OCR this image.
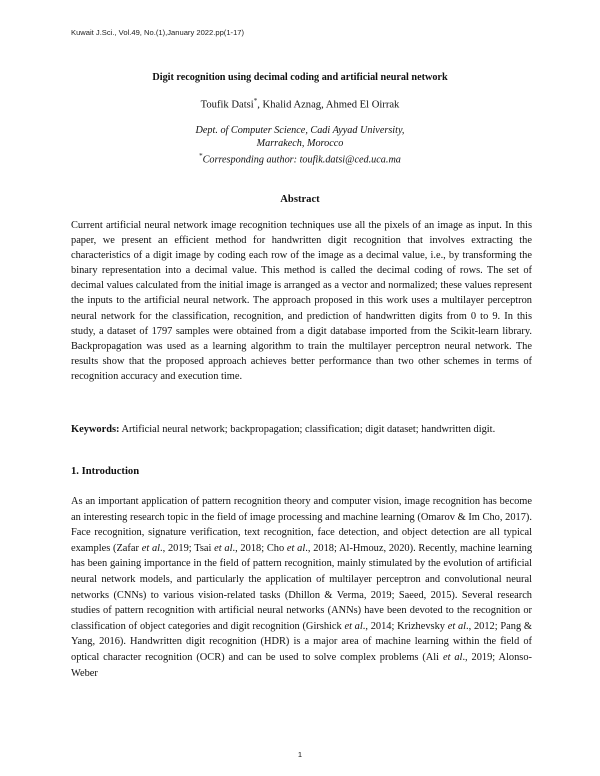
Kuwait J.Sci., Vol.49, No.(1),January 2022.pp(1-17)
Digit recognition using decimal coding and artificial neural network
Toufik Datsi*, Khalid Aznag, Ahmed El Oirrak
Dept. of Computer Science, Cadi Ayyad University,
Marrakech, Morocco
*Corresponding author: toufik.datsi@ced.uca.ma
Abstract

Current artificial neural network image recognition techniques use all the pixels of an image as input. In this paper, we present an efficient method for handwritten digit recognition that involves extracting the characteristics of a digit image by coding each row of the image as a decimal value, i.e., by transforming the binary representation into a decimal value. This method is called the decimal coding of rows. The set of decimal values calculated from the initial image is arranged as a vector and normalized; these values represent the inputs to the artificial neural network. The approach proposed in this work uses a multilayer perceptron neural network for the classification, recognition, and prediction of handwritten digits from 0 to 9. In this study, a dataset of 1797 samples were obtained from a digit database imported from the Scikit-learn library. Backpropagation was used as a learning algorithm to train the multilayer perceptron neural network. The results show that the proposed approach achieves better performance than two other schemes in terms of recognition accuracy and execution time.

Keywords: Artificial neural network; backpropagation; classification; digit dataset; handwritten digit.

1. Introduction

As an important application of pattern recognition theory and computer vision, image recognition has become an interesting research topic in the field of image processing and machine learning (Omarov & Im Cho, 2017). Face recognition, signature verification, text recognition, face detection, and object detection are all typical examples (Zafar et al., 2019; Tsai et al., 2018; Cho et al., 2018; Al-Hmouz, 2020). Recently, machine learning has been gaining importance in the field of pattern recognition, mainly stimulated by the evolution of artificial neural network models, and particularly the application of multilayer perceptron and convolutional neural networks (CNNs) to various vision-related tasks (Dhillon & Verma, 2019; Saeed, 2015). Several research studies of pattern recognition with artificial neural networks (ANNs) have been devoted to the recognition or classification of object categories and digit recognition (Girshick et al., 2014; Krizhevsky et al., 2012; Pang & Yang, 2016). Handwritten digit recognition (HDR) is a major area of machine learning within the field of optical character recognition (OCR) and can be used to solve complex problems (Ali et al., 2019; Alonso-Weber

1
